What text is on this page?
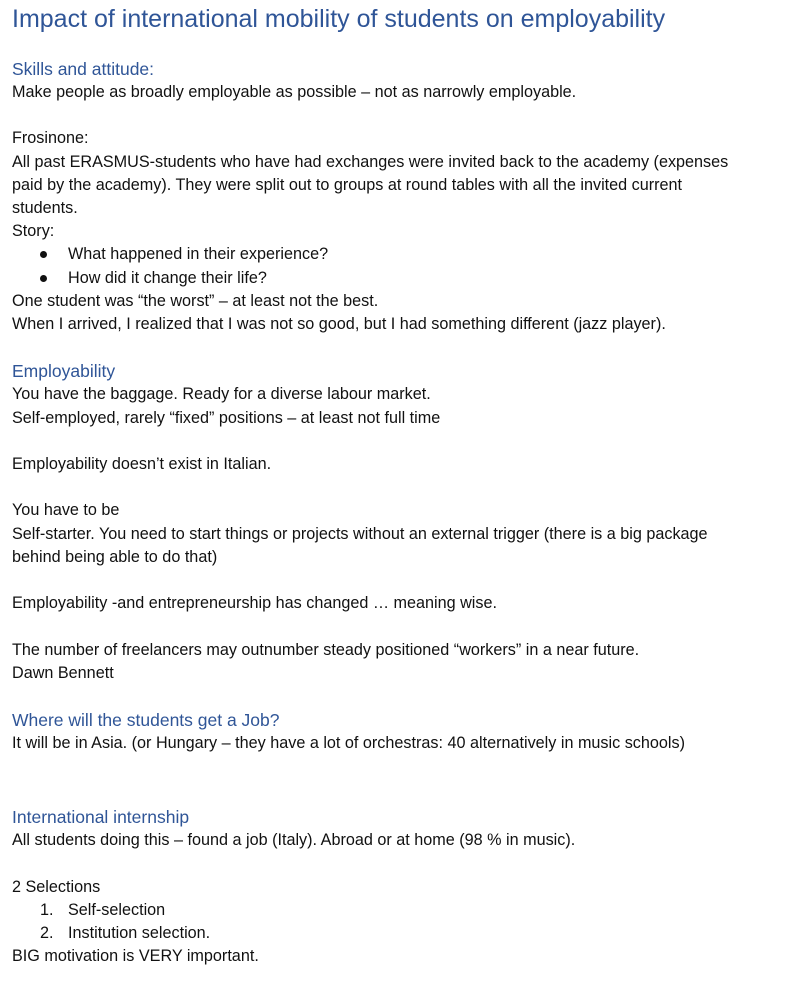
Impact of international mobility of students on employability

Skills and attitude:

Make people as broadly employable as possible – not as narrowly employable.

Frosinone:

All past ERASMUS-students who have had exchanges were invited back to the academy (expenses

paid by the academy). They were split out to groups at round tables with all the invited current

students.

Story:

What happened in their experience?
How did it change their life?

One student was “the worst” – at least not the best.

When I arrived, I realized that I was not so good, but I had something different (jazz player).

Employability

You have the baggage. Ready for a diverse labour market.

Self-employed, rarely “fixed” positions – at least not full time

Employability doesn’t exist in Italian.

You have to be

Self-starter. You need to start things or projects without an external trigger (there is a big package

behind being able to do that)

Employability -and entrepreneurship has changed … meaning wise.

The number of freelancers may outnumber steady positioned “workers” in a near future.

Dawn Bennett

Where will the students get a Job?

It will be in Asia. (or Hungary – they have a lot of orchestras: 40 alternatively in music schools)

International internship

All students doing this – found a job (Italy). Abroad or at home (98 % in music).

2 Selections

1. Self-selection
2. Institution selection.

BIG motivation is VERY important.
